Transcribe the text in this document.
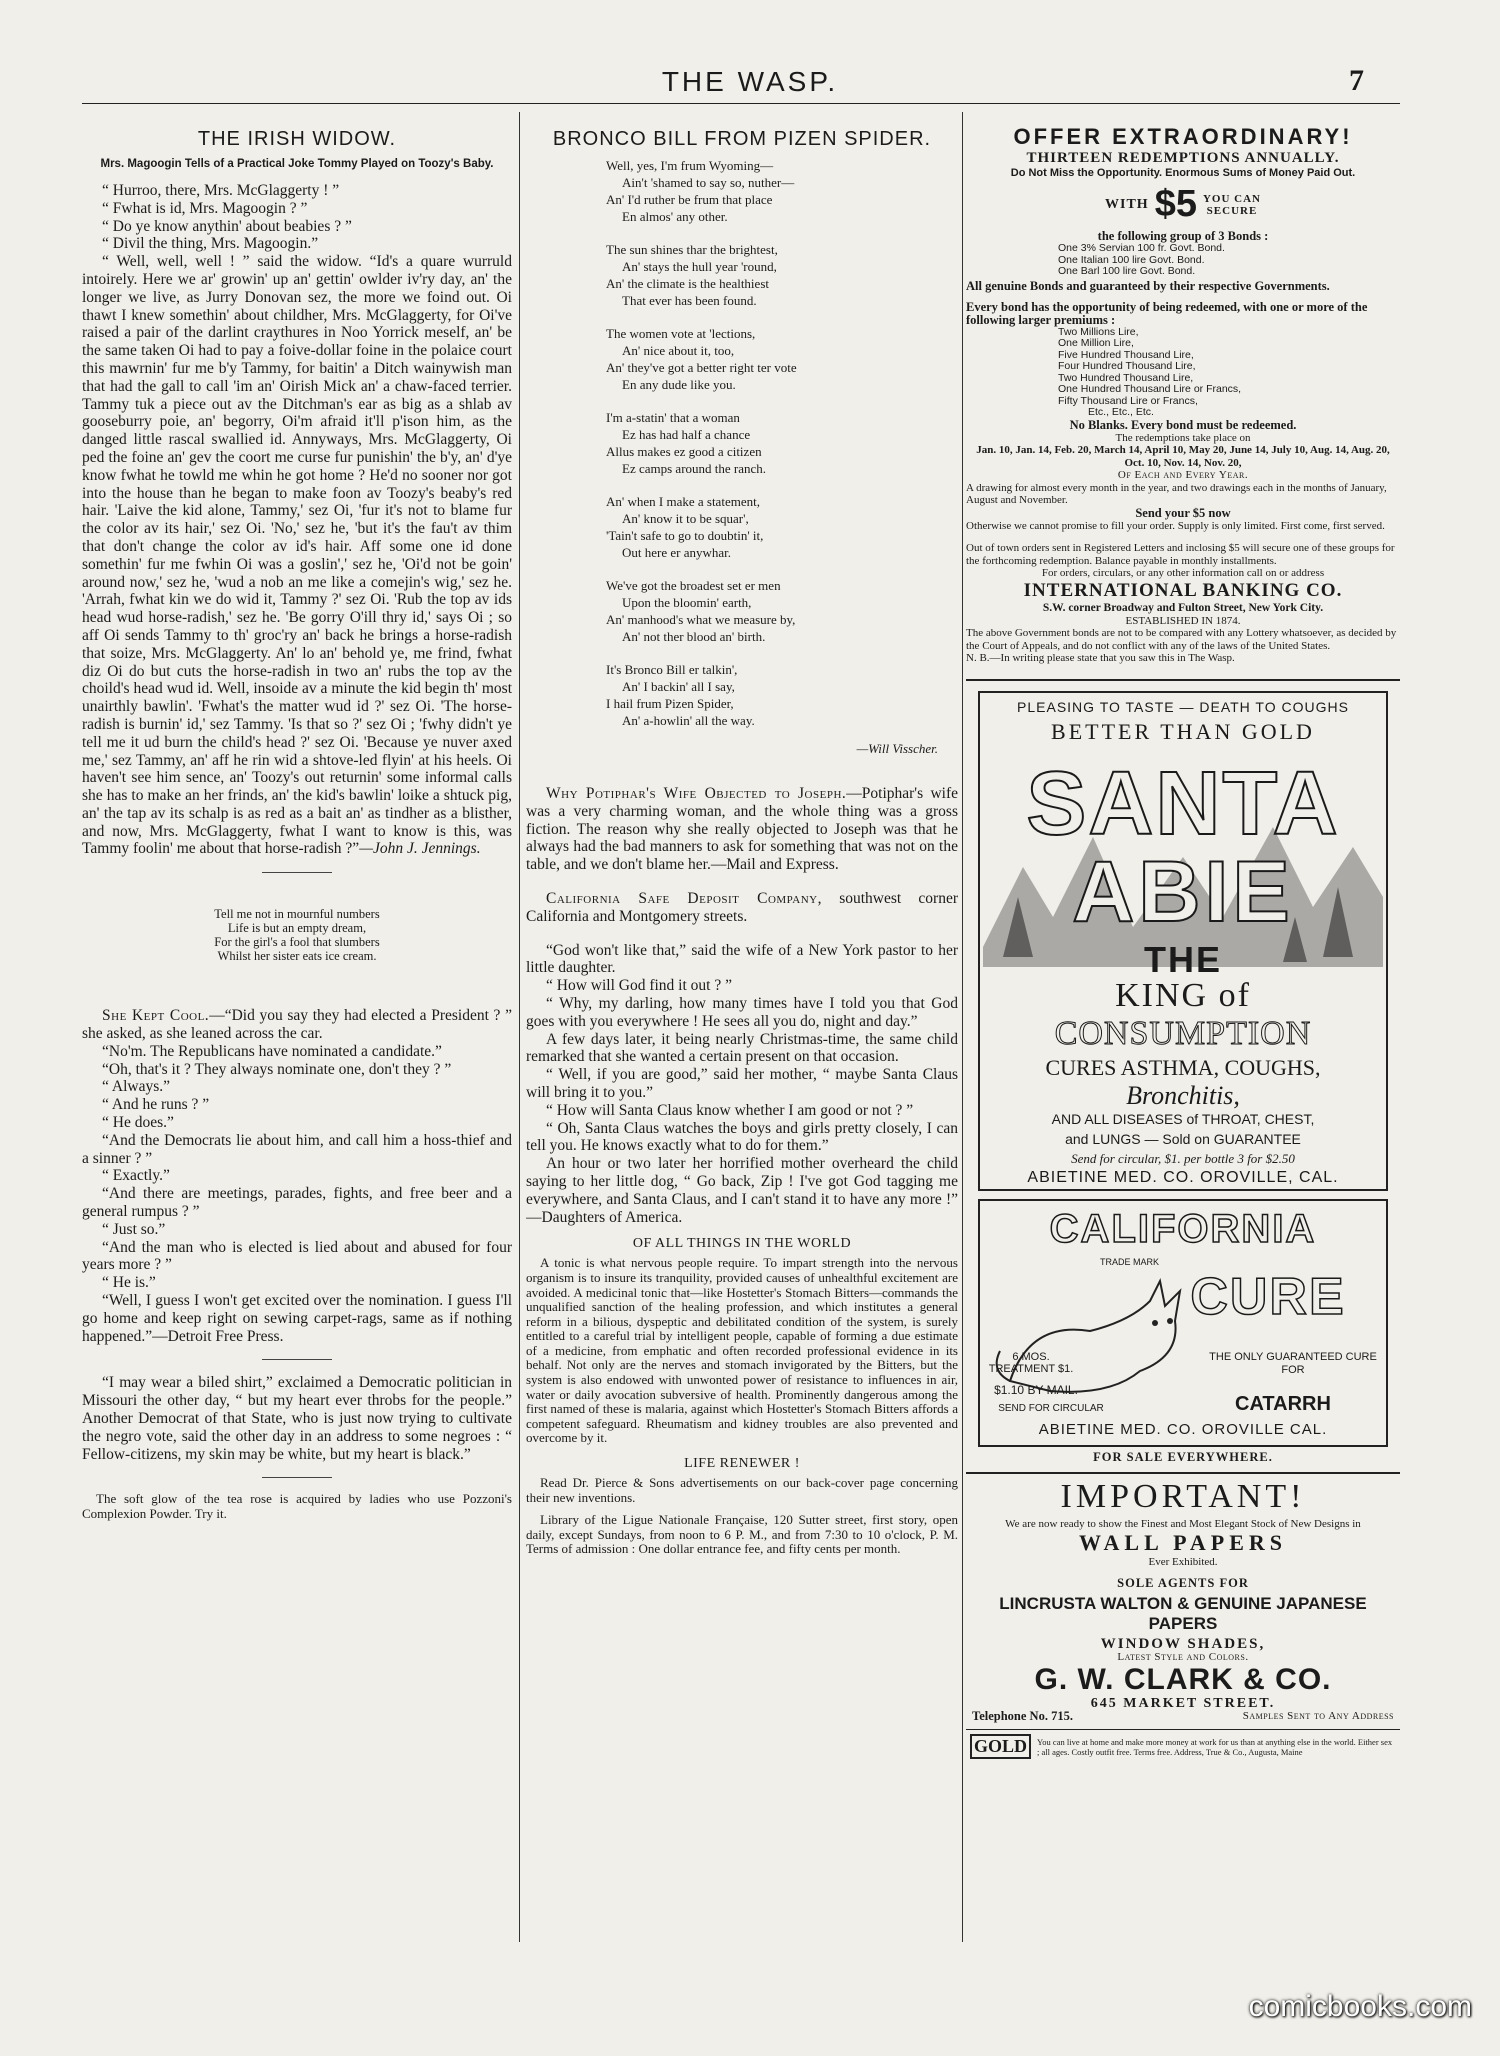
THE WASP.	7
THE IRISH WIDOW.
Mrs. Magoogin Tells of a Practical Joke Tommy Played on Toozy's Baby.

“ Hurroo, there, Mrs. McGlaggerty ! ”

“ Fwhat is id, Mrs. Magoogin ? ”

“ Do ye know anythin' about beabies ? ”

“ Divil the thing, Mrs. Magoogin.”

“ Well, well, well ! ” said the widow. “Id's a quare wurruld intoirely. Here we ar' growin' up an' gettin' owlder iv'ry day, an' the longer we live, as Jurry Donovan sez, the more we foind out. Oi thawt I knew somethin' about childher, Mrs. McGlaggerty, for Oi've raised a pair of the darlint craythures in Noo Yorrick meself, an' be the same taken Oi had to pay a foive-dollar foine in the polaice court this mawrnin' fur me b'y Tammy, for baitin' a Ditch wainywish man that had the gall to call 'im an' Oirish Mick an' a chaw-faced terrier. Tammy tuk a piece out av the Ditchman's ear as big as a shlab av gooseburry poie, an' begorry, Oi'm afraid it'll p'ison him, as the danged little rascal swallied id. Annyways, Mrs. McGlaggerty, Oi ped the foine an' gev the coort me curse fur punishin' the b'y, an' d'ye know fwhat he towld me whin he got home ? He'd no sooner nor got into the house than he began to make foon av Toozy's beaby's red hair. 'Laive the kid alone, Tammy,' sez Oi, 'fur it's not to blame fur the color av its hair,' sez Oi. 'No,' sez he, 'but it's the fau't av thim that don't change the color av id's hair. Aff some one id done somethin' fur me fwhin Oi was a goslin',' sez he, 'Oi'd not be goin' around now,' sez he, 'wud a nob an me like a comejin's wig,' sez he. 'Arrah, fwhat kin we do wid it, Tammy ?' sez Oi. 'Rub the top av ids head wud horse-radish,' sez he. 'Be gorry O'ill thry id,' says Oi ; so aff Oi sends Tammy to th' groc'ry an' back he brings a horse-radish that soize, Mrs. McGlaggerty. An' lo an' behold ye, me frind, fwhat diz Oi do but cuts the horse-radish in two an' rubs the top av the choild's head wud id. Well, insoide av a minute the kid begin th' most unairthly bawlin'. 'Fwhat's the matter wud id ?' sez Oi. 'The horse-radish is burnin' id,' sez Tammy. 'Is that so ?' sez Oi ; 'fwhy didn't ye tell me it ud burn the child's head ?' sez Oi. 'Because ye nuver axed me,' sez Tammy, an' aff he rin wid a shtove-led flyin' at his heels. Oi haven't see him sence, an' Toozy's out returnin' some informal calls she has to make an her frinds, an' the kid's bawlin' loike a shtuck pig, an' the tap av its schalp is as red as a bait an' as tindher as a blisther, and now, Mrs. McGlaggerty, fwhat I want to know is this, was Tammy foolin' me about that horse-radish ?”—John J. Jennings.

Tell me not in mournful numbers
Life is but an empty dream,
For the girl's a fool that slumbers
Whilst her sister eats ice cream.

She Kept Cool.—“Did you say they had elected a President ? ” she asked, as she leaned across the car.

“No'm. The Republicans have nominated a candidate.”

“Oh, that's it ? They always nominate one, don't they ? ”

“ Always.”

“ And he runs ? ”

“ He does.”

“And the Democrats lie about him, and call him a hoss-thief and a sinner ? ”

“ Exactly.”

“And there are meetings, parades, fights, and free beer and a general rumpus ? ”

“ Just so.”

“And the man who is elected is lied about and abused for four years more ? ”

“ He is.”

“Well, I guess I won't get excited over the nomination. I guess I'll go home and keep right on sewing carpet-rags, same as if nothing happened.”—Detroit Free Press.

“I may wear a biled shirt,” exclaimed a Democratic politician in Missouri the other day, “ but my heart ever throbs for the people.” Another Democrat of that State, who is just now trying to cultivate the negro vote, said the other day in an address to some negroes : “ Fellow-citizens, my skin may be white, but my heart is black.”

The soft glow of the tea rose is acquired by ladies who use Pozzoni's Complexion Powder. Try it.

BRONCO BILL FROM PIZEN SPIDER.
Well, yes, I'm frum Wyoming—
Ain't 'shamed to say so, nuther—
An' I'd ruther be frum that place
En almos' any other.
The sun shines thar the brightest,
An' stays the hull year 'round,
An' the climate is the healthiest
That ever has been found.
The women vote at 'lections,
An' nice about it, too,
An' they've got a better right ter vote
En any dude like you.
I'm a-statin' that a woman
Ez has had half a chance
Allus makes ez good a citizen
Ez camps around the ranch.
An' when I make a statement,
An' know it to be squar',
'Tain't safe to go to doubtin' it,
Out here er anywhar.
We've got the broadest set er men
Upon the bloomin' earth,
An' manhood's what we measure by,
An' not ther blood an' birth.
It's Bronco Bill er talkin',
An' I backin' all I say,
I hail frum Pizen Spider,
An' a-howlin' all the way.
—Will Visscher.

Why Potiphar's Wife Objected to Joseph.—Potiphar's wife was a very charming woman, and the whole thing was a gross fiction. The reason why she really objected to Joseph was that he always had the bad manners to ask for something that was not on the table, and we don't blame her.—Mail and Express.

California Safe Deposit Company, southwest corner California and Montgomery streets.

“God won't like that,” said the wife of a New York pastor to her little daughter.

“ How will God find it out ? ”

“ Why, my darling, how many times have I told you that God goes with you everywhere ! He sees all you do, night and day.”

A few days later, it being nearly Christmas-time, the same child remarked that she wanted a certain present on that occasion.

“ Well, if you are good,” said her mother, “ maybe Santa Claus will bring it to you.”

“ How will Santa Claus know whether I am good or not ? ”

“ Oh, Santa Claus watches the boys and girls pretty closely, I can tell you. He knows exactly what to do for them.”

An hour or two later her horrified mother overheard the child saying to her little dog, “ Go back, Zip ! I've got God tagging me everywhere, and Santa Claus, and I can't stand it to have any more !” —Daughters of America.

OF ALL THINGS IN THE WORLD

A tonic is what nervous people require. To impart strength into the nervous organism is to insure its tranquility, provided causes of unhealthful excitement are avoided. A medicinal tonic that—like Hostetter's Stomach Bitters—commands the unqualified sanction of the healing profession, and which institutes a general reform in a bilious, dyspeptic and debilitated condition of the system, is surely entitled to a careful trial by intelligent people, capable of forming a due estimate of a medicine, from emphatic and often recorded professional evidence in its behalf. Not only are the nerves and stomach invigorated by the Bitters, but the system is also endowed with unwonted power of resistance to influences in air, water or daily avocation subversive of health. Prominently dangerous among the first named of these is malaria, against which Hostetter's Stomach Bitters affords a competent safeguard. Rheumatism and kidney troubles are also prevented and overcome by it.

LIFE RENEWER !

Read Dr. Pierce & Sons advertisements on our back-cover page concerning their new inventions.

Library of the Ligue Nationale Française, 120 Sutter street, first story, open daily, except Sundays, from noon to 6 P. M., and from 7:30 to 10 o'clock, P. M. Terms of admission : One dollar entrance fee, and fifty cents per month.

OFFER EXTRAORDINARY!
THIRTEEN REDEMPTIONS ANNUALLY.
Do Not Miss the Opportunity. Enormous Sums of Money Paid Out.
WITH $5 YOU CAN
SECURE
the following group of 3 Bonds :
One 3% Servian 100 fr. Govt. Bond.
One Italian 100 lire Govt. Bond.
One Barl 100 lire Govt. Bond.
All genuine Bonds and guaranteed by their respective Governments.
Every bond has the opportunity of being redeemed, with one or more of the following larger premiums :
Two Millions Lire,
One Million Lire,
Five Hundred Thousand Lire,
Four Hundred Thousand Lire,
Two Hundred Thousand Lire,
One Hundred Thousand Lire or Francs,
Fifty Thousand Lire or Francs,
Etc., Etc., Etc.
No Blanks. Every bond must be redeemed.
The redemptions take place on
Jan. 10, Jan. 14, Feb. 20, March 14, April 10, May 20, June 14, July 10, Aug. 14, Aug. 20, Oct. 10, Nov. 14, Nov. 20,
Of Each and Every Year.
A drawing for almost every month in the year, and two drawings each in the months of January, August and November.
Send your $5 now
Otherwise we cannot promise to fill your order. Supply is only limited. First come, first served.
Out of town orders sent in Registered Letters and inclosing $5 will secure one of these groups for the forthcoming redemption. Balance payable in monthly installments.
For orders, circulars, or any other information call on or address
INTERNATIONAL BANKING CO.
S.W. corner Broadway and Fulton Street, New York City.
ESTABLISHED IN 1874.
The above Government bonds are not to be compared with any Lottery whatsoever, as decided by the Court of Appeals, and do not conflict with any of the laws of the United States.
N. B.—In writing please state that you saw this in The Wasp.
PLEASING TO TASTE — DEATH TO COUGHS
BETTER THAN GOLD
SANTA
ABIE
THE
KING of
CONSUMPTION
CURES ASTHMA, COUGHS,
Bronchitis,
AND ALL DISEASES of THROAT, CHEST,
and LUNGS — Sold on GUARANTEE
Send for circular, $1. per bottle 3 for $2.50
ABIETINE MED. CO. OROVILLE, CAL.
CALIFORNIA
TRADE MARK
CURE
6 MOS. TREATMENT $1.
$1.10 BY MAIL.
THE ONLY GUARANTEED CURE FOR
CATARRH
SEND FOR CIRCULAR
ABIETINE MED. CO. OROVILLE CAL.
FOR SALE EVERYWHERE.
IMPORTANT!
We are now ready to show the Finest and Most Elegant Stock of New Designs in
WALL PAPERS
Ever Exhibited.
SOLE AGENTS FOR
LINCRUSTA WALTON & GENUINE JAPANESE PAPERS
WINDOW SHADES,
Latest Style and Colors.
G. W. CLARK & CO.
645 MARKET STREET.
Telephone No. 715.	Samples Sent to Any Address
GOLD	You can live at home and make more money at work for us than at anything else in the world. Either sex ; all ages. Costly outfit free. Terms free. Address, True & Co., Augusta, Maine
comicbooks.com
